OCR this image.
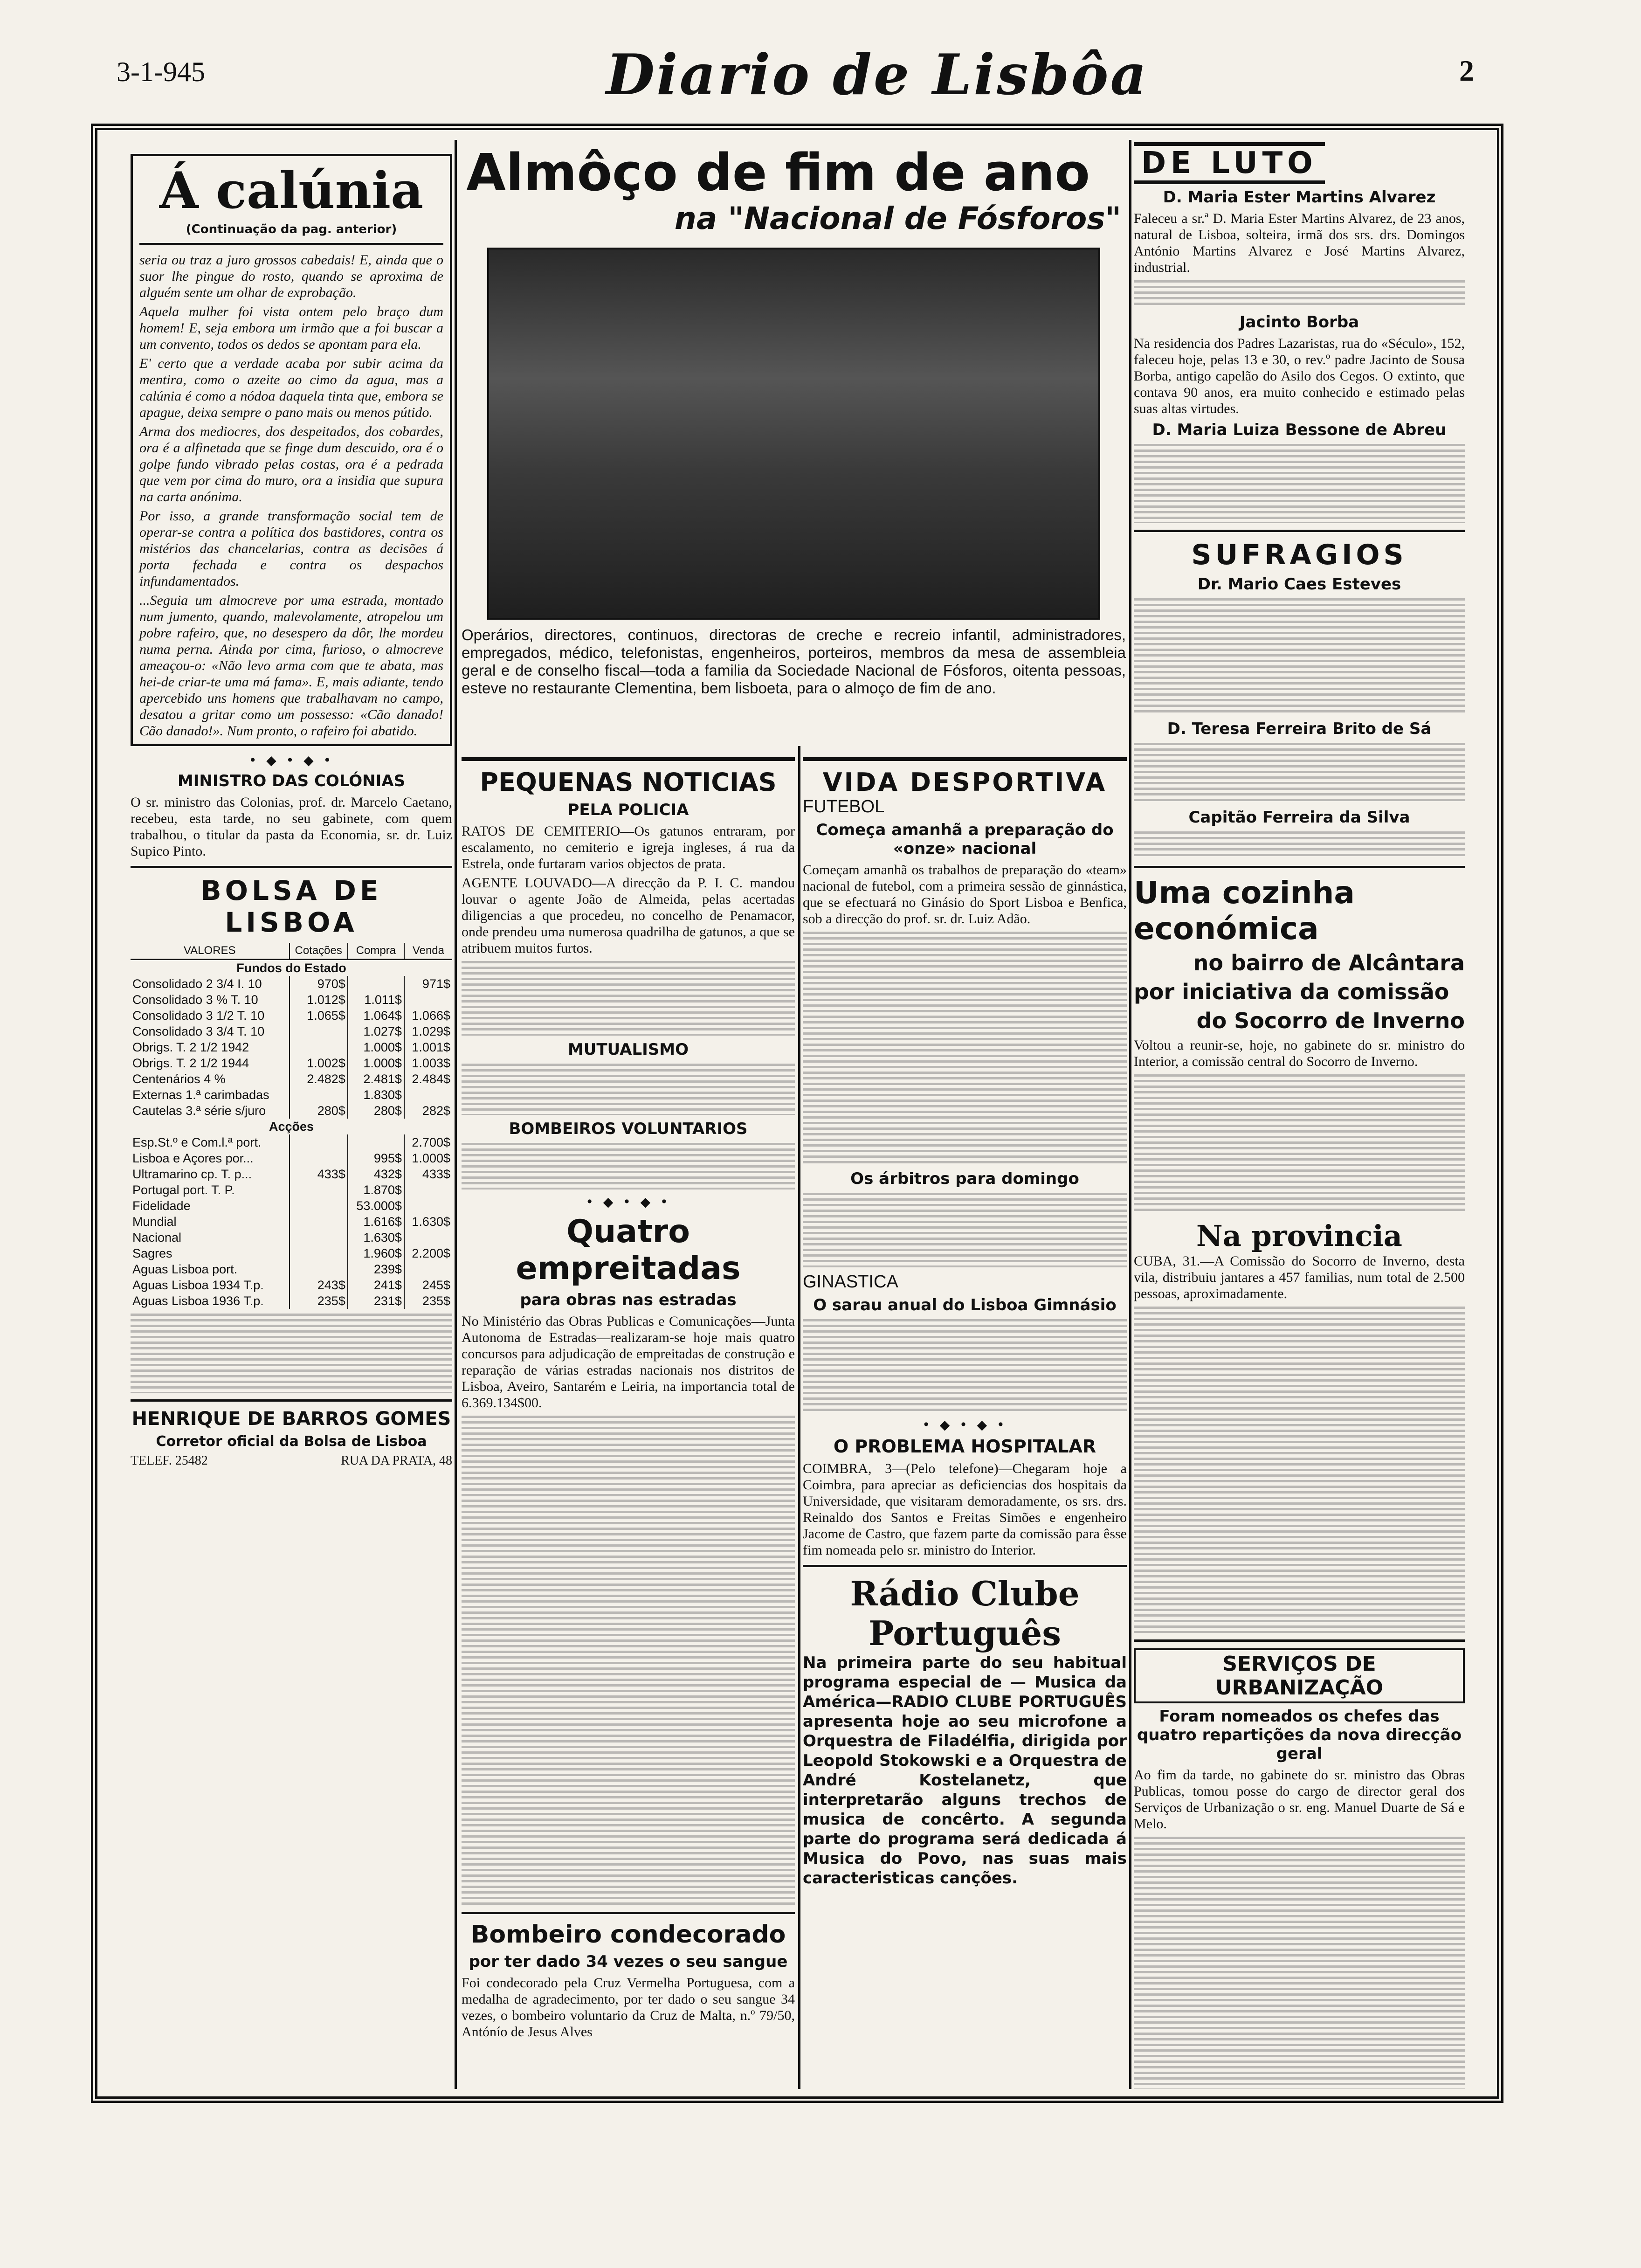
3-1-945	Diario de Lisbôa	2
Á calúnia
(Continuação da pag. anterior)

seria ou traz a juro grossos cabedais! E, ainda que o suor lhe pingue do rosto, quando se aproxima de alguém sente um olhar de exprobação.

Aquela mulher foi vista ontem pelo braço dum homem! E, seja embora um irmão que a foi buscar a um convento, todos os dedos se apontam para ela.

E' certo que a verdade acaba por subir acima da mentira, como o azeite ao cimo da agua, mas a calúnia é como a nódoa daquela tinta que, embora se apague, deixa sempre o pano mais ou menos pútido.

Arma dos mediocres, dos despeitados, dos cobardes, ora é a alfinetada que se finge dum descuido, ora é o golpe fundo vibrado pelas costas, ora é a pedrada que vem por cima do muro, ora a insidia que supura na carta anónima.

Por isso, a grande transformação social tem de operar-se contra a política dos bastidores, contra os mistérios das chancelarias, contra as decisões á porta fechada e contra os despachos infundamentados.

...Seguia um almocreve por uma estrada, montado num jumento, quando, malevolamente, atropelou um pobre rafeiro, que, no desespero da dôr, lhe mordeu numa perna. Ainda por cima, furioso, o almocreve ameaçou-o: «Não levo arma com que te abata, mas hei-de criar-te uma má fama». E, mais adiante, tendo apercebido uns homens que trabalhavam no campo, desatou a gritar como um possesso: «Cão danado! Cão danado!». Num pronto, o rafeiro foi abatido.

• ◆ • ◆ •
MINISTRO DAS COLÓNIAS

O sr. ministro das Colonias, prof. dr. Marcelo Caetano, recebeu, esta tarde, no seu gabinete, com quem trabalhou, o titular da pasta da Economia, sr. dr. Luiz Supico Pinto.

BOLSA DE LISBOA
VALORES	Cotações	Compra	Venda
Fundos do Estado			
Consolidado 2 3/4 I. 10	970$		971$
Consolidado 3 % T. 10	1.012$	1.011$	
Consolidado 3 1/2 T. 10	1.065$	1.064$	1.066$
Consolidado 3 3/4 T. 10		1.027$	1.029$
Obrigs. T. 2 1/2 1942		1.000$	1.001$
Obrigs. T. 2 1/2 1944	1.002$	1.000$	1.003$
Centenários 4 %	2.482$	2.481$	2.484$
Externas 1.ª carimbadas		1.830$	
Cautelas 3.ª série s/juro	280$	280$	282$
Acções			
Esp.St.º e Com.l.ª port.			2.700$
Lisboa e Açores por...		995$	1.000$
Ultramarino cp. T. p...	433$	432$	433$
Portugal port. T. P.		1.870$	
Fidelidade		53.000$	
Mundial		1.616$	1.630$
Nacional		1.630$	
Sagres		1.960$	2.200$
Aguas Lisboa port.		239$	
Aguas Lisboa 1934 T.p.	243$	241$	245$
Aguas Lisboa 1936 T.p.	235$	231$	235$
HENRIQUE DE BARROS GOMES
Corretor oficial da Bolsa de Lisboa
TELEF. 25482	RUA DA PRATA, 48
Almôço de fim de ano
na "Nacional de Fósforos"

Operários, directores, continuos, directoras de creche e recreio infantil, administradores, empregados, médico, telefonistas, engenheiros, porteiros, membros da mesa de assembleia geral e de conselho fiscal—toda a familia da Sociedade Nacional de Fósforos, oitenta pessoas, esteve no restaurante Clementina, bem lisboeta, para o almoço de fim de ano.

PEQUENAS NOTICIAS
PELA POLICIA

RATOS DE CEMITERIO—Os gatunos entraram, por escalamento, no cemiterio e igreja ingleses, á rua da Estrela, onde furtaram varios objectos de prata.

AGENTE LOUVADO—A direcção da P. I. C. mandou louvar o agente João de Almeida, pelas acertadas diligencias a que procedeu, no concelho de Penamacor, onde prendeu uma numerosa quadrilha de gatunos, a que se atribuem muitos furtos.

MUTUALISMO
BOMBEIROS VOLUNTARIOS
• ◆ • ◆ •
Quatro empreitadas
para obras nas estradas

No Ministério das Obras Publicas e Comunicações—Junta Autonoma de Estradas—realizaram-se hoje mais quatro concursos para adjudicação de empreitadas de construção e reparação de várias estradas nacionais nos distritos de Lisboa, Aveiro, Santarém e Leiria, na importancia total de 6.369.134$00.

Bombeiro condecorado
por ter dado 34 vezes o seu sangue

Foi condecorado pela Cruz Vermelha Portuguesa, com a medalha de agradecimento, por ter dado o seu sangue 34 vezes, o bombeiro voluntario da Cruz de Malta, n.º 79/50, Antónío de Jesus Alves

VIDA DESPORTIVA
FUTEBOL
Começa amanhã a preparação do «onze» nacional

Começam amanhã os trabalhos de preparação do «team» nacional de futebol, com a primeira sessão de ginnástica, que se efectuará no Ginásio do Sport Lisboa e Benfica, sob a direcção do prof. sr. dr. Luiz Adão.

Os árbitros para domingo
GINASTICA
O sarau anual do Lisboa Gimnásio
• ◆ • ◆ •
O PROBLEMA HOSPITALAR

COIMBRA, 3—(Pelo telefone)—Chegaram hoje a Coimbra, para apreciar as deficiencias dos hospitais da Universidade, que visitaram demoradamente, os srs. drs. Reinaldo dos Santos e Freitas Simões e engenheiro Jacome de Castro, que fazem parte da comissão para êsse fim nomeada pelo sr. ministro do Interior.

Rádio Clube Português

Na primeira parte do seu habitual programa especial de — Musica da América—RADIO CLUBE PORTUGUÊS apresenta hoje ao seu microfone a Orquestra de Filadélfia, dirigida por Leopold Stokowski e a Orquestra de André Kostelanetz, que interpretarão alguns trechos de musica de concêrto. A segunda parte do programa será dedicada á Musica do Povo, nas suas mais caracteristicas canções.

DE LUTO
D. Maria Ester Martins Alvarez

Faleceu a sr.ª D. Maria Ester Martins Alvarez, de 23 anos, natural de Lisboa, solteira, irmã dos srs. drs. Domingos António Martins Alvarez e José Martins Alvarez, industrial.

Jacinto Borba

Na residencia dos Padres Lazaristas, rua do «Século», 152, faleceu hoje, pelas 13 e 30, o rev.º padre Jacinto de Sousa Borba, antigo capelão do Asilo dos Cegos. O extinto, que contava 90 anos, era muito conhecido e estimado pelas suas altas virtudes.

D. Maria Luiza Bessone de Abreu
SUFRAGIOS
Dr. Mario Caes Esteves
D. Teresa Ferreira Brito de Sá
Capitão Ferreira da Silva
Uma cozinha económica
no bairro de Alcântara
por iniciativa da comissão
do Socorro de Inverno

Voltou a reunir-se, hoje, no gabinete do sr. ministro do Interior, a comissão central do Socorro de Inverno.

Na provincia

CUBA, 31.—A Comissão do Socorro de Inverno, desta vila, distribuiu jantares a 457 familias, num total de 2.500 pessoas, aproximadamente.

SERVIÇOS DE URBANIZAÇÃO
Foram nomeados os chefes das quatro repartições da nova direcção geral

Ao fim da tarde, no gabinete do sr. ministro das Obras Publicas, tomou posse do cargo de director geral dos Serviços de Urbanização o sr. eng. Manuel Duarte de Sá e Melo.
